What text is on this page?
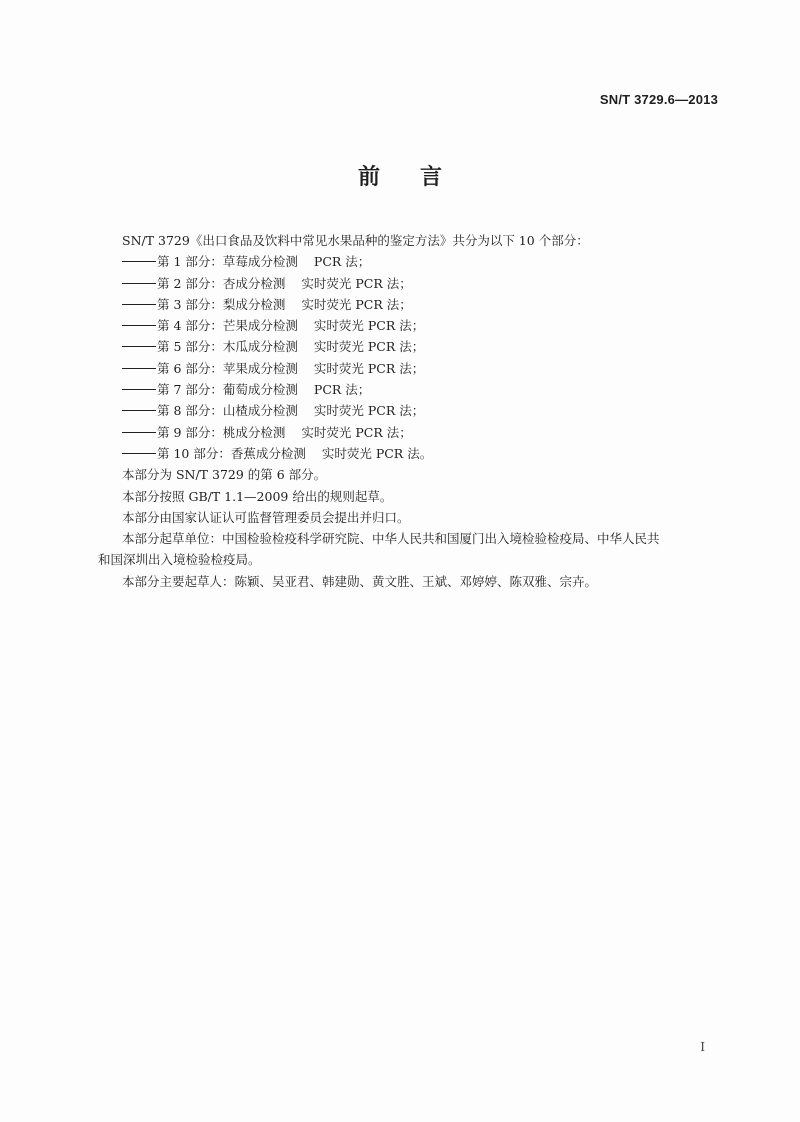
SN/T 3729.6—2013
前言
SN/T 3729《出口食品及饮料中常见水果品种的鉴定方法》共分为以下 10 个部分：
第 1 部分：草莓成分检测 PCR 法；
第 2 部分：杏成分检测 实时荧光 PCR 法；
第 3 部分：梨成分检测 实时荧光 PCR 法；
第 4 部分：芒果成分检测 实时荧光 PCR 法；
第 5 部分：木瓜成分检测 实时荧光 PCR 法；
第 6 部分：苹果成分检测 实时荧光 PCR 法；
第 7 部分：葡萄成分检测 PCR 法；
第 8 部分：山楂成分检测 实时荧光 PCR 法；
第 9 部分：桃成分检测 实时荧光 PCR 法；
第 10 部分：香蕉成分检测 实时荧光 PCR 法。
本部分为 SN/T 3729 的第 6 部分。
本部分按照 GB/T 1.1—2009 给出的规则起草。
本部分由国家认证认可监督管理委员会提出并归口。
本部分起草单位：中国检验检疫科学研究院、中华人民共和国厦门出入境检验检疫局、中华人民共
和国深圳出入境检验检疫局。
本部分主要起草人：陈颖、吴亚君、韩建勋、黄文胜、王斌、邓婷婷、陈双雅、宗卉。
I
